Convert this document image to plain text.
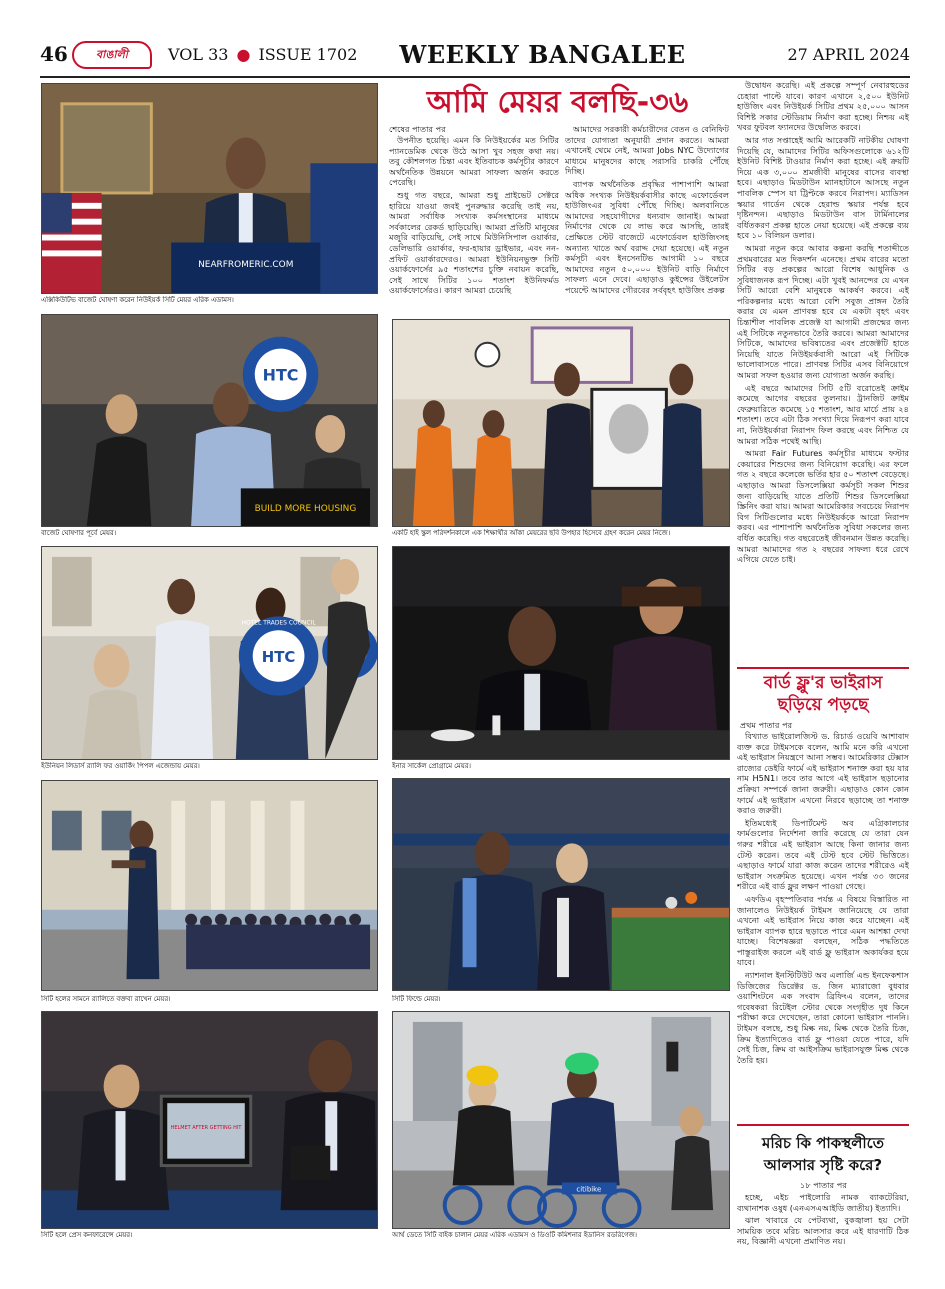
46	বাঙালী	VOL 33 ● ISSUE 1702 WEEKLY BANGALEE	27 APRIL 2024
NEARFROMERIC.COM
এক্সিকিউটিভ বাজেট ঘোষণা করেন নিউইয়র্ক সিটি মেয়র এরিক এডামস।
আমি মেয়র বলছি-৩৬
শেষের পাতার পর

উপনীত হয়েছি। এমন কি নিউইয়র্কের মত সিটির প্যানডেমিক থেকে উঠে আসা খুব সহজ কথা নয়। তবু কৌশলগত চিন্তা এবং ইতিবাচক কর্মসূচীর কারণে অর্থনৈতিক উন্নয়নে আমরা সাফল্য অর্জন করতে পেরেছি।

শুধু গত বছরে, আমরা শুধু প্রাইভেট সেক্টরে হারিয়ে যাওয়া জবই পুনরুদ্ধার করেছি তাই নয়, আমরা সর্বাধিক সংখ্যক কর্মসংস্থানের মাধ্যমে সর্বকালের রেকর্ড ছাড়িয়েছি। আমরা প্রতিটি মানুষের মজুরি বাড়িয়েছি, সেই সাথে মিউনিসিপাল ওয়ার্কার, ডেলিভারি ওয়ার্কার, ফর-হায়ার ড্রাইভার, এবং নন-প্রফিট ওয়ার্কারদেরও। আমরা ইউনিয়নভুক্ত সিটি ওয়ার্কফোর্সের ৯৫ শতাংশের চুক্তি নবায়ন করেছি, সেই সাথে সিটির ১০০ শতাংশ ইউনিফর্মড ওয়ার্কফোর্সেরও। কারণ আমরা চেয়েছি

আমাদের সরকারী কর্মচারীদের বেতন ও বেনিফিট তাদের যোগ্যতা অনুযায়ী প্রদান করতে। আমরা এখানেই থেমে নেই, আমরা Jobs NYC উদ্যোগের মাধ্যমে মানুষদের কাছে সরাসরি চাকরি পৌঁছে দিচ্ছি।

ব্যাপক অর্থনৈতিক প্রবৃদ্ধির পাশাপাশি আমরা অধিক সংখ্যক নিউইয়র্কবাসীর কাছে এফোর্ডেবল হাউজিংএর সুবিধা পৌঁছে দিচ্ছি। অলবানিতে আমাদের সহযোগীদের ধন্যবাদ জানাই। আমরা নির্মাণের থেকে যে লাভ করে আসছি, তারই প্রেক্ষিতে স্টেট বাজেটে এফোর্ডেবল হাউজিংসহ অন্যান্য খাতে অর্থ বরাদ্দ দেয়া হয়েছে। এই নতুন কর্মসূচী এবং ইনসেনটিভ আগামী ১০ বছরে আমাদের নতুন ৫০,০০০ ইউনিট বাড়ি নির্মাণে সাফল্য এনে দেবে। এছাড়াও কুইন্সের উইলেটস পয়েন্টে আমাদের গৌরবের সর্ববৃহৎ হাউজিং প্রকল্প

উদ্বোধন করেছি। এই প্রকল্পে সম্পূর্ণ নেবারহুডের চেহারা পাল্টে যাবে। কারণ এখানে ২,৫০০ ইউনিট হাউজিং এবং নিউইয়র্ক সিটির প্রথম ২৫,০০০ আসন বিশিষ্ট সকার স্টেডিয়াম নির্মাণ করা হচ্ছে। নিশ্চয় এই খবর ফুটবল ফ্যানদের উদ্বেলিত করবে।

আর গত সপ্তাহেই আমি আরেকটি নাটকীয় ঘোষণা দিয়েছি যে, আমাদের সিটির অফিসগুলোকে ৬১২টি ইউনিট বিশিষ্ট টাওয়ার নির্মাণ করা হচ্ছে। এই ক্রয়টি দিয়ে এক ৩,০০০ শ্রমজীবী মানুষের বাসের ব্যবস্থা হবে। এছাড়াও মিডটাউন ম্যানহাটানে আসছে নতুন পাবলিক স্পেস যা ট্রিপ্টকে করবে নিরাপদ। ম্যাডিসন স্কয়ার গার্ডেন থেকে হেরাল্ড স্কয়ার পর্যন্ত হবে দৃষ্টিনন্দন। এছাড়াও মিডটাউন বাস টার্মিনালের বর্ধিতকরণ প্রকল্প হাতে নেয়া হয়েছে। এই প্রকল্পে ব্যয় হবে ১০ বিলিয়ন ডলার।

আমরা নতুন করে আবার কল্পনা করছি শতাব্দীতে প্রথমবারের মত দিকদর্শন এনেছে। প্রথম বারের মতো সিটির বড় প্রকল্পের আরো বিশেষ আধুনিক ও সুবিধাজনক রূপ দিচ্ছে। এটা খুবই আনন্দের যে এখন সিটি আরো বেশি মানুষকে আকর্ষণ করবে। এই পরিকল্পনার মধ্যে আরো বেশি সবুজ প্রাঙ্গন তৈরি করার যে এমন প্রাণবন্ত হবে যে একটা বৃহৎ এবং চিন্তাশীল পাবলিক প্রজেক্ট যা আগামী প্রজন্মের জন্য এই সিটিকে নতুনভাবে তৈরি করবে। আমরা আমাদের সিটিকে, আমাদের ভবিষ্যতের এবং প্রজেক্টটি হাতে নিয়েছি যাতে নিউইয়র্কবাসী আরো এই সিটিকে ভালোবাসতে পারে। প্রাণবন্ত সিটির এসব বিনিয়োগে আমরা সফল হওয়ার জন্য যোগ্যতা অর্জন করছি।

এই বছরে আমাদের সিটি ৫টি বরোতেই ক্রাইম কমেছে আগের বছরের তুলনায়। ট্রানজিট ক্রাইম ফেব্রুয়ারিতে কমেছে ১৫ শতাংশ, আর মার্চে প্রায় ২৪ শতাংশ। তবে এটা ঠিক সংখ্যা দিয়ে নিরূপণ করা যাবে না, নিউইয়র্কারা নিরাপদ ফিল করছে এবং নিশ্চিত যে আমরা সঠিক পথেই আছি।

আমরা Fair Futures কর্মসূচীর মাধ্যমে ফস্টার কেয়ারের শিশুদের জন্য বিনিয়োগ করেছি। এর ফলে গত ২ বছরে কলেজে ভর্তির হার ৫০ শতাংশ বেড়েছে। এছাড়াও আমরা ডিসলেক্সিয়া কর্মসূচী সকল শিশুর জন্য বাড়িয়েছি যাতে প্রতিটি শিশুর ডিসলেক্সিয়া স্ক্রিনিং করা যায়। আমরা আমেরিকার সবচেয়ে নিরাপদ বিগ সিটিগুলোর মধ্যে নিউইয়র্ককে আরো নিরাপদ করব। এর পাশাপাশি অর্থনৈতিক সুবিধা সকলের জন্য বর্ধিত করেছি। গত বছরেতেই জীবনমান উন্নত করেছি। আমরা আমাদের গত ২ বছরের সাফল্য ধরে রেখে এগিয়ে যেতে চাই।

HTC
BUILD MORE HOUSING
বাজেট ঘোষণার পূর্বে মেয়র।	একটি হাই স্কুল পরিদর্শনকালে এক শিক্ষার্থীর আঁকা মেয়রের ছবি উপহার হিসেবে গ্রহণ করেন মেয়র নিজে।
HTC
HOTEL TRADES COUNCIL
ইউনিয়ন লিডার্স র‍্যালি ফর ওয়ার্কিং পিপল এজেন্ডায় মেয়র।	ইনার সার্কেল প্রোগ্রামে মেয়র।
বার্ড ফ্লু'র ভাইরাস
ছড়িয়ে পড়ছে
প্রথম পাতার পর

বিখ্যাত ভাইরোলজিস্ট ড. রিচার্ড ওয়েবি আশাবাদ ব্যক্ত করে টাইমসকে বলেন, আমি মনে করি এখনো এই ভাইরাস নিয়ন্ত্রণে আনা সম্ভব। আমেরিকার টেক্সাস রাজ্যের ডেইরি ফার্মে এই ভাইরাস শনাক্ত করা হয় যার নাম H5N1। তবে তার আগে এই ভাইরাস ছড়ানোর প্রক্রিয়া সম্পর্কে জানা জরুরী। এছাড়াও কোন কোন ফার্মে এই ভাইরাস এখনো নিরবে ছড়াচ্ছে তা শনাক্ত করাও জরুরী।

ইতিমধ্যেই ডিপার্টমেন্ট অব এগ্রিকালচার ফার্মগুলোর নির্দেশনা জারি করেছে যে তারা যেন গরুর শরীরে এই ভাইরাস আছে কিনা জানার জন্য টেস্ট করেন। তবে এই টেস্ট হবে স্টেট ভিত্তিতে। এছাড়াও ফার্মে যারা কাজ করেন তাদের শরীরেও এই ভাইরাস সংক্রমিত হয়েছে। এখন পর্যন্ত ৩৩ জনের শরীরে এই বার্ড ফ্লুর লক্ষণ পাওয়া গেছে।

এফডিএ বৃহস্পতিবার পর্যন্ত এ বিষয়ে বিস্তারিত না জানালেও নিউইয়র্ক টাইমস জানিয়েছে যে তারা এখনো এই ভাইরাস নিয়ে কাজ করে যাচ্ছেন। এই ভাইরাস ব্যাপক হারে ছড়াতে পারে এমন আশঙ্কা দেখা যাচ্ছে। বিশেষজ্ঞরা বলছেন, সঠিক পদ্ধতিতে পাস্তুরাইজ করলে এই বার্ড ফ্লু ভাইরাস অকার্যকর হয়ে যাবে।

ন্যাশনাল ইনস্টিটিউট অব এলার্জি এন্ড ইনফেকশাস ডিজিজের ডিরেক্টর ড. জিন ম্যারাজো বুধবার ওয়াশিংটনে এক সংবাদ ব্রিফিংএ বলেন, তাদের গবেষকরা রিটেইল স্টোর থেকে সংগৃহীত দুধ কিনে পরীক্ষা করে দেখেছেন, তারা কোনো ভাইরাস পাননি। টাইমস বলছে, শুধু মিল্ক নয়, মিল্ক থেকে তৈরি চিজ, ক্রিম ইত্যাদিতেও বার্ড ফ্লু পাওয়া যেতে পারে, যদি সেই চিজ, ক্রিম বা আইসক্রিম ভাইরাসযুক্ত মিল্ক থেকে তৈরি হয়।

সিটি হলের সামনে র‍্যালিতে বক্তব্য রাখেন মেয়র।	সিটি ফিল্ডে মেয়র।
HELMET AFTER GETTING HIT
সিটি হলে প্রেস কনফারেন্সে মেয়র।
citibike
আর্থ ডেতে সিটি বাইক চালান মেয়র এরিক এডামস ও ডিওটি কমিশনার ইডানিস রডরিগেজ।
মরিচ কি পাকস্থলীতে
আলসার সৃষ্টি করে?
১৮ পাতার পর

হচ্ছে, এইচ পাইলোরি নামক ব্যাকটেরিয়া, ব্যথানাশক ওষুধ (এনএসএআইডি জাতীয়) ইত্যাদি।

ঝাল খাবারে যে পেটব্যথা, বুকজ্বালা হয় সেটা সাময়িক তবে মরিচ আলসার করে এই ধারণাটি ঠিক নয়, বিজ্ঞানী এখনো প্রমাণিত নয়।
